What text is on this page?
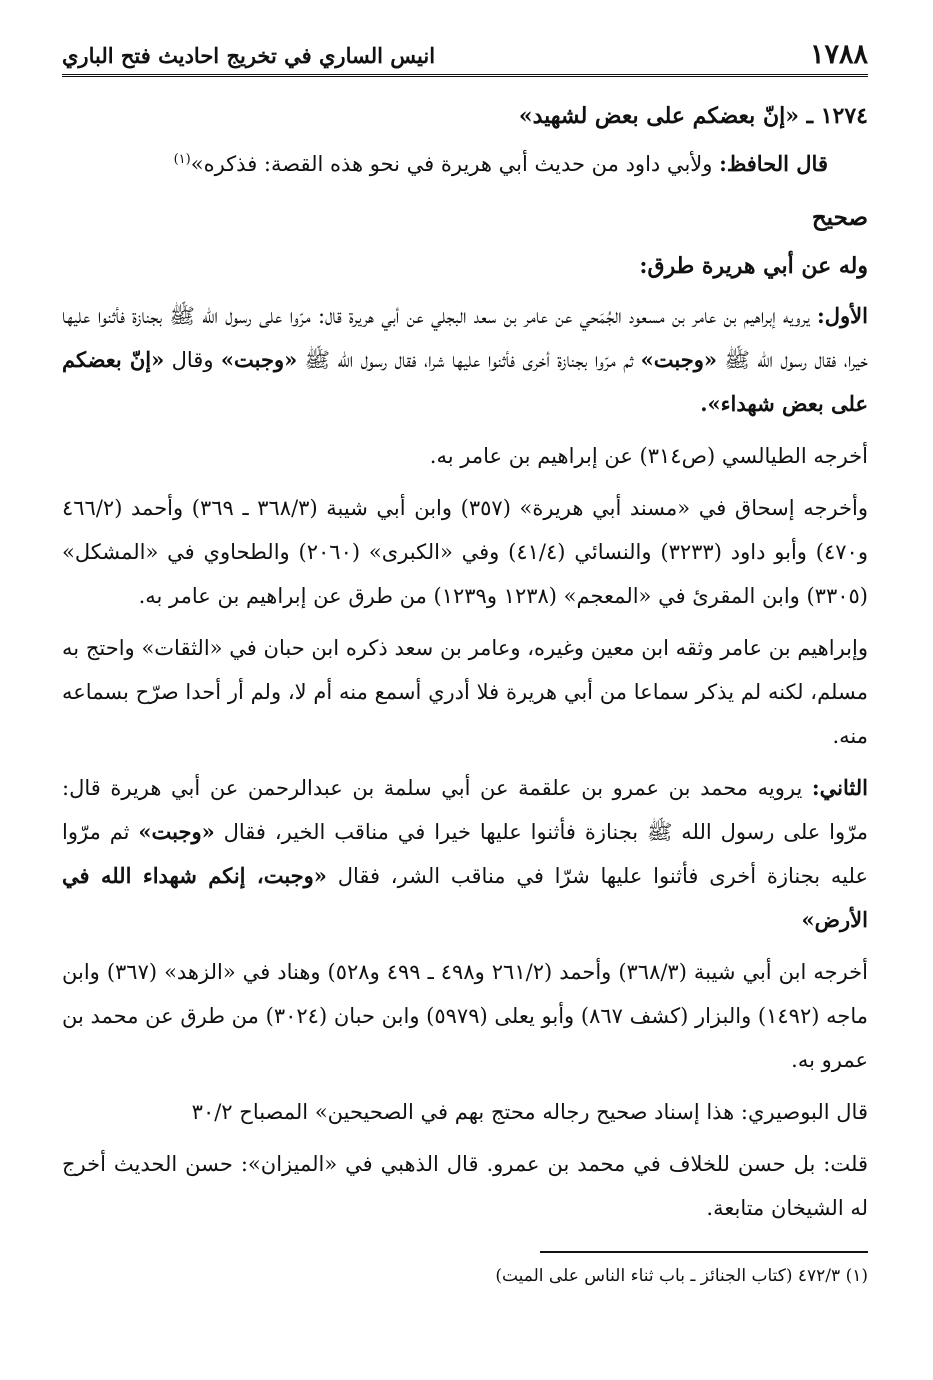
١٧٨٨
انيس الساري في تخريج احاديث فتح الباري

١٢٧٤ ـ «إنّ بعضكم على بعض لشهيد»

قال الحافظ: ولأبي داود من حديث أبي هريرة في نحو هذه القصة: فذكره»$^{(١)}$

صحيح

وله عن أبي هريرة طرق:

الأول: يرويه إبراهيم بن عامر بن مسعود الجُمَحي عن عامر بن سعد البجلي عن أبي هريرة قال: مرّوا على رسول الله ﷺ بجنازة فأثنوا عليها خيرا، فقال رسول الله ﷺ «وجبت» ثم مرّوا بجنازة أخرى فأثنوا عليها شرا، فقال رسول الله ﷺ «وجبت» وقال «إنّ بعضكم على بعض شهداء».

أخرجه الطيالسي (ص٣١٤) عن إبراهيم بن عامر به.

وأخرجه إسحاق في «مسند أبي هريرة» (٣٥٧) وابن أبي شيبة (٣٦٨/٣ ـ ٣٦٩) وأحمد (٤٦٦/٢ و٤٧٠) وأبو داود (٣٢٣٣) والنسائي (٤١/٤) وفي «الكبرى» (٢٠٦٠) والطحاوي في «المشكل» (٣٣٠٥) وابن المقرئ في «المعجم» (١٢٣٨ و١٢٣٩) من طرق عن إبراهيم بن عامر به.

وإبراهيم بن عامر وثقه ابن معين وغيره، وعامر بن سعد ذكره ابن حبان في «الثقات» واحتج به مسلم، لكنه لم يذكر سماعا من أبي هريرة فلا أدري أسمع منه أم لا، ولم أر أحدا صرّح بسماعه منه.

الثاني: يرويه محمد بن عمرو بن علقمة عن أبي سلمة بن عبدالرحمن عن أبي هريرة قال: مرّوا على رسول الله ﷺ بجنازة فأثنوا عليها خيرا في مناقب الخير، فقال «وجبت» ثم مرّوا عليه بجنازة أخرى فأثنوا عليها شرّا في مناقب الشر، فقال «وجبت، إنكم شهداء الله في الأرض»

أخرجه ابن أبي شيبة (٣٦٨/٣) وأحمد (٢٦١/٢ و٤٩٨ ـ ٤٩٩ و٥٢٨) وهناد في «الزهد» (٣٦٧) وابن ماجه (١٤٩٢) والبزار (كشف ٨٦٧) وأبو يعلى (٥٩٧٩) وابن حبان (٣٠٢٤) من طرق عن محمد بن عمرو به.

قال البوصيري: هذا إسناد صحيح رجاله محتج بهم في الصحيحين» المصباح ٣٠/٢

قلت: بل حسن للخلاف في محمد بن عمرو. قال الذهبي في «الميزان»: حسن الحديث أخرج له الشيخان متابعة.

(١) ٤٧٢/٣ (كتاب الجنائز ـ باب ثناء الناس على الميت)
